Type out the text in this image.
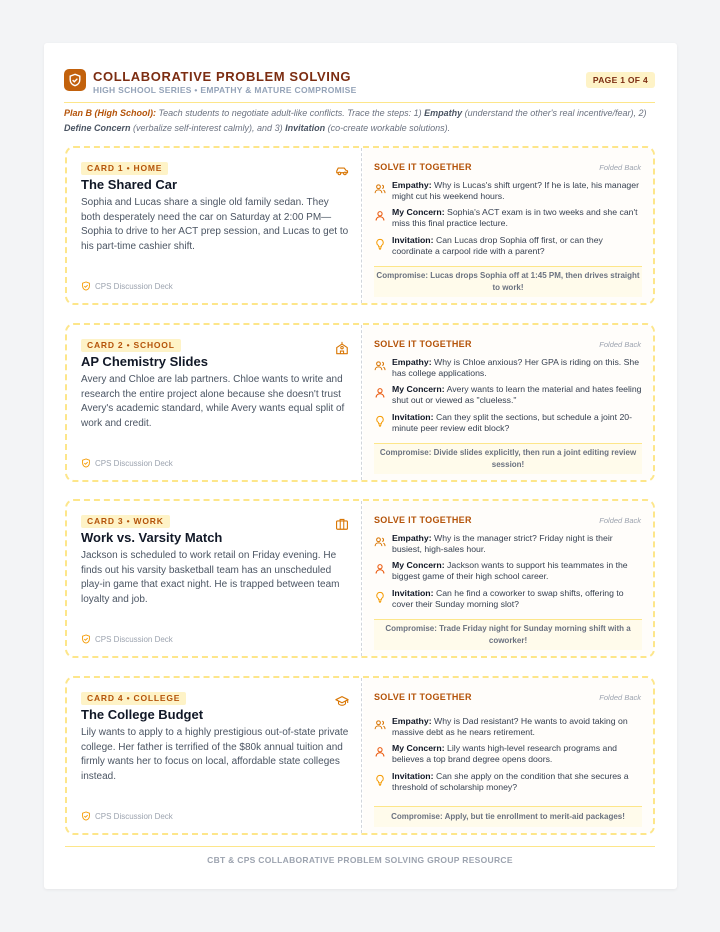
COLLABORATIVE PROBLEM SOLVING
HIGH SCHOOL SERIES • EMPATHY & MATURE COMPROMISE
PAGE 1 OF 4
Plan B (High School): Teach students to negotiate adult-like conflicts. Trace the steps: 1) Empathy (understand the other's real incentive/fear), 2) Define Concern (verbalize self-interest calmly), and 3) Invitation (co-create workable solutions).
CARD 1 • HOME
The Shared Car
Sophia and Lucas share a single old family sedan. They both desperately need the car on Saturday at 2:00 PM—Sophia to drive to her ACT prep session, and Lucas to get to his part-time cashier shift.
CPS Discussion Deck
SOLVE IT TOGETHER	Folded Back
Empathy: Why is Lucas's shift urgent? If he is late, his manager might cut his weekend hours.
My Concern: Sophia's ACT exam is in two weeks and she can't miss this final practice lecture.
Invitation: Can Lucas drop Sophia off first, or can they coordinate a carpool ride with a parent?
Compromise: Lucas drops Sophia off at 1:45 PM, then drives straight to work!
CARD 2 • SCHOOL
AP Chemistry Slides
Avery and Chloe are lab partners. Chloe wants to write and research the entire project alone because she doesn't trust Avery's academic standard, while Avery wants equal split of work and credit.
CPS Discussion Deck
SOLVE IT TOGETHER	Folded Back
Empathy: Why is Chloe anxious? Her GPA is riding on this. She has college applications.
My Concern: Avery wants to learn the material and hates feeling shut out or viewed as "clueless."
Invitation: Can they split the sections, but schedule a joint 20-minute peer review edit block?
Compromise: Divide slides explicitly, then run a joint editing review session!
CARD 3 • WORK
Work vs. Varsity Match
Jackson is scheduled to work retail on Friday evening. He finds out his varsity basketball team has an unscheduled play-in game that exact night. He is trapped between team loyalty and job.
CPS Discussion Deck
SOLVE IT TOGETHER	Folded Back
Empathy: Why is the manager strict? Friday night is their busiest, high-sales hour.
My Concern: Jackson wants to support his teammates in the biggest game of their high school career.
Invitation: Can he find a coworker to swap shifts, offering to cover their Sunday morning slot?
Compromise: Trade Friday night for Sunday morning shift with a coworker!
CARD 4 • COLLEGE
The College Budget
Lily wants to apply to a highly prestigious out-of-state private college. Her father is terrified of the $80k annual tuition and firmly wants her to focus on local, affordable state colleges instead.
CPS Discussion Deck
SOLVE IT TOGETHER	Folded Back
Empathy: Why is Dad resistant? He wants to avoid taking on massive debt as he nears retirement.
My Concern: Lily wants high-level research programs and believes a top brand degree opens doors.
Invitation: Can she apply on the condition that she secures a threshold of scholarship money?
Compromise: Apply, but tie enrollment to merit-aid packages!
CBT & CPS COLLABORATIVE PROBLEM SOLVING GROUP RESOURCE
